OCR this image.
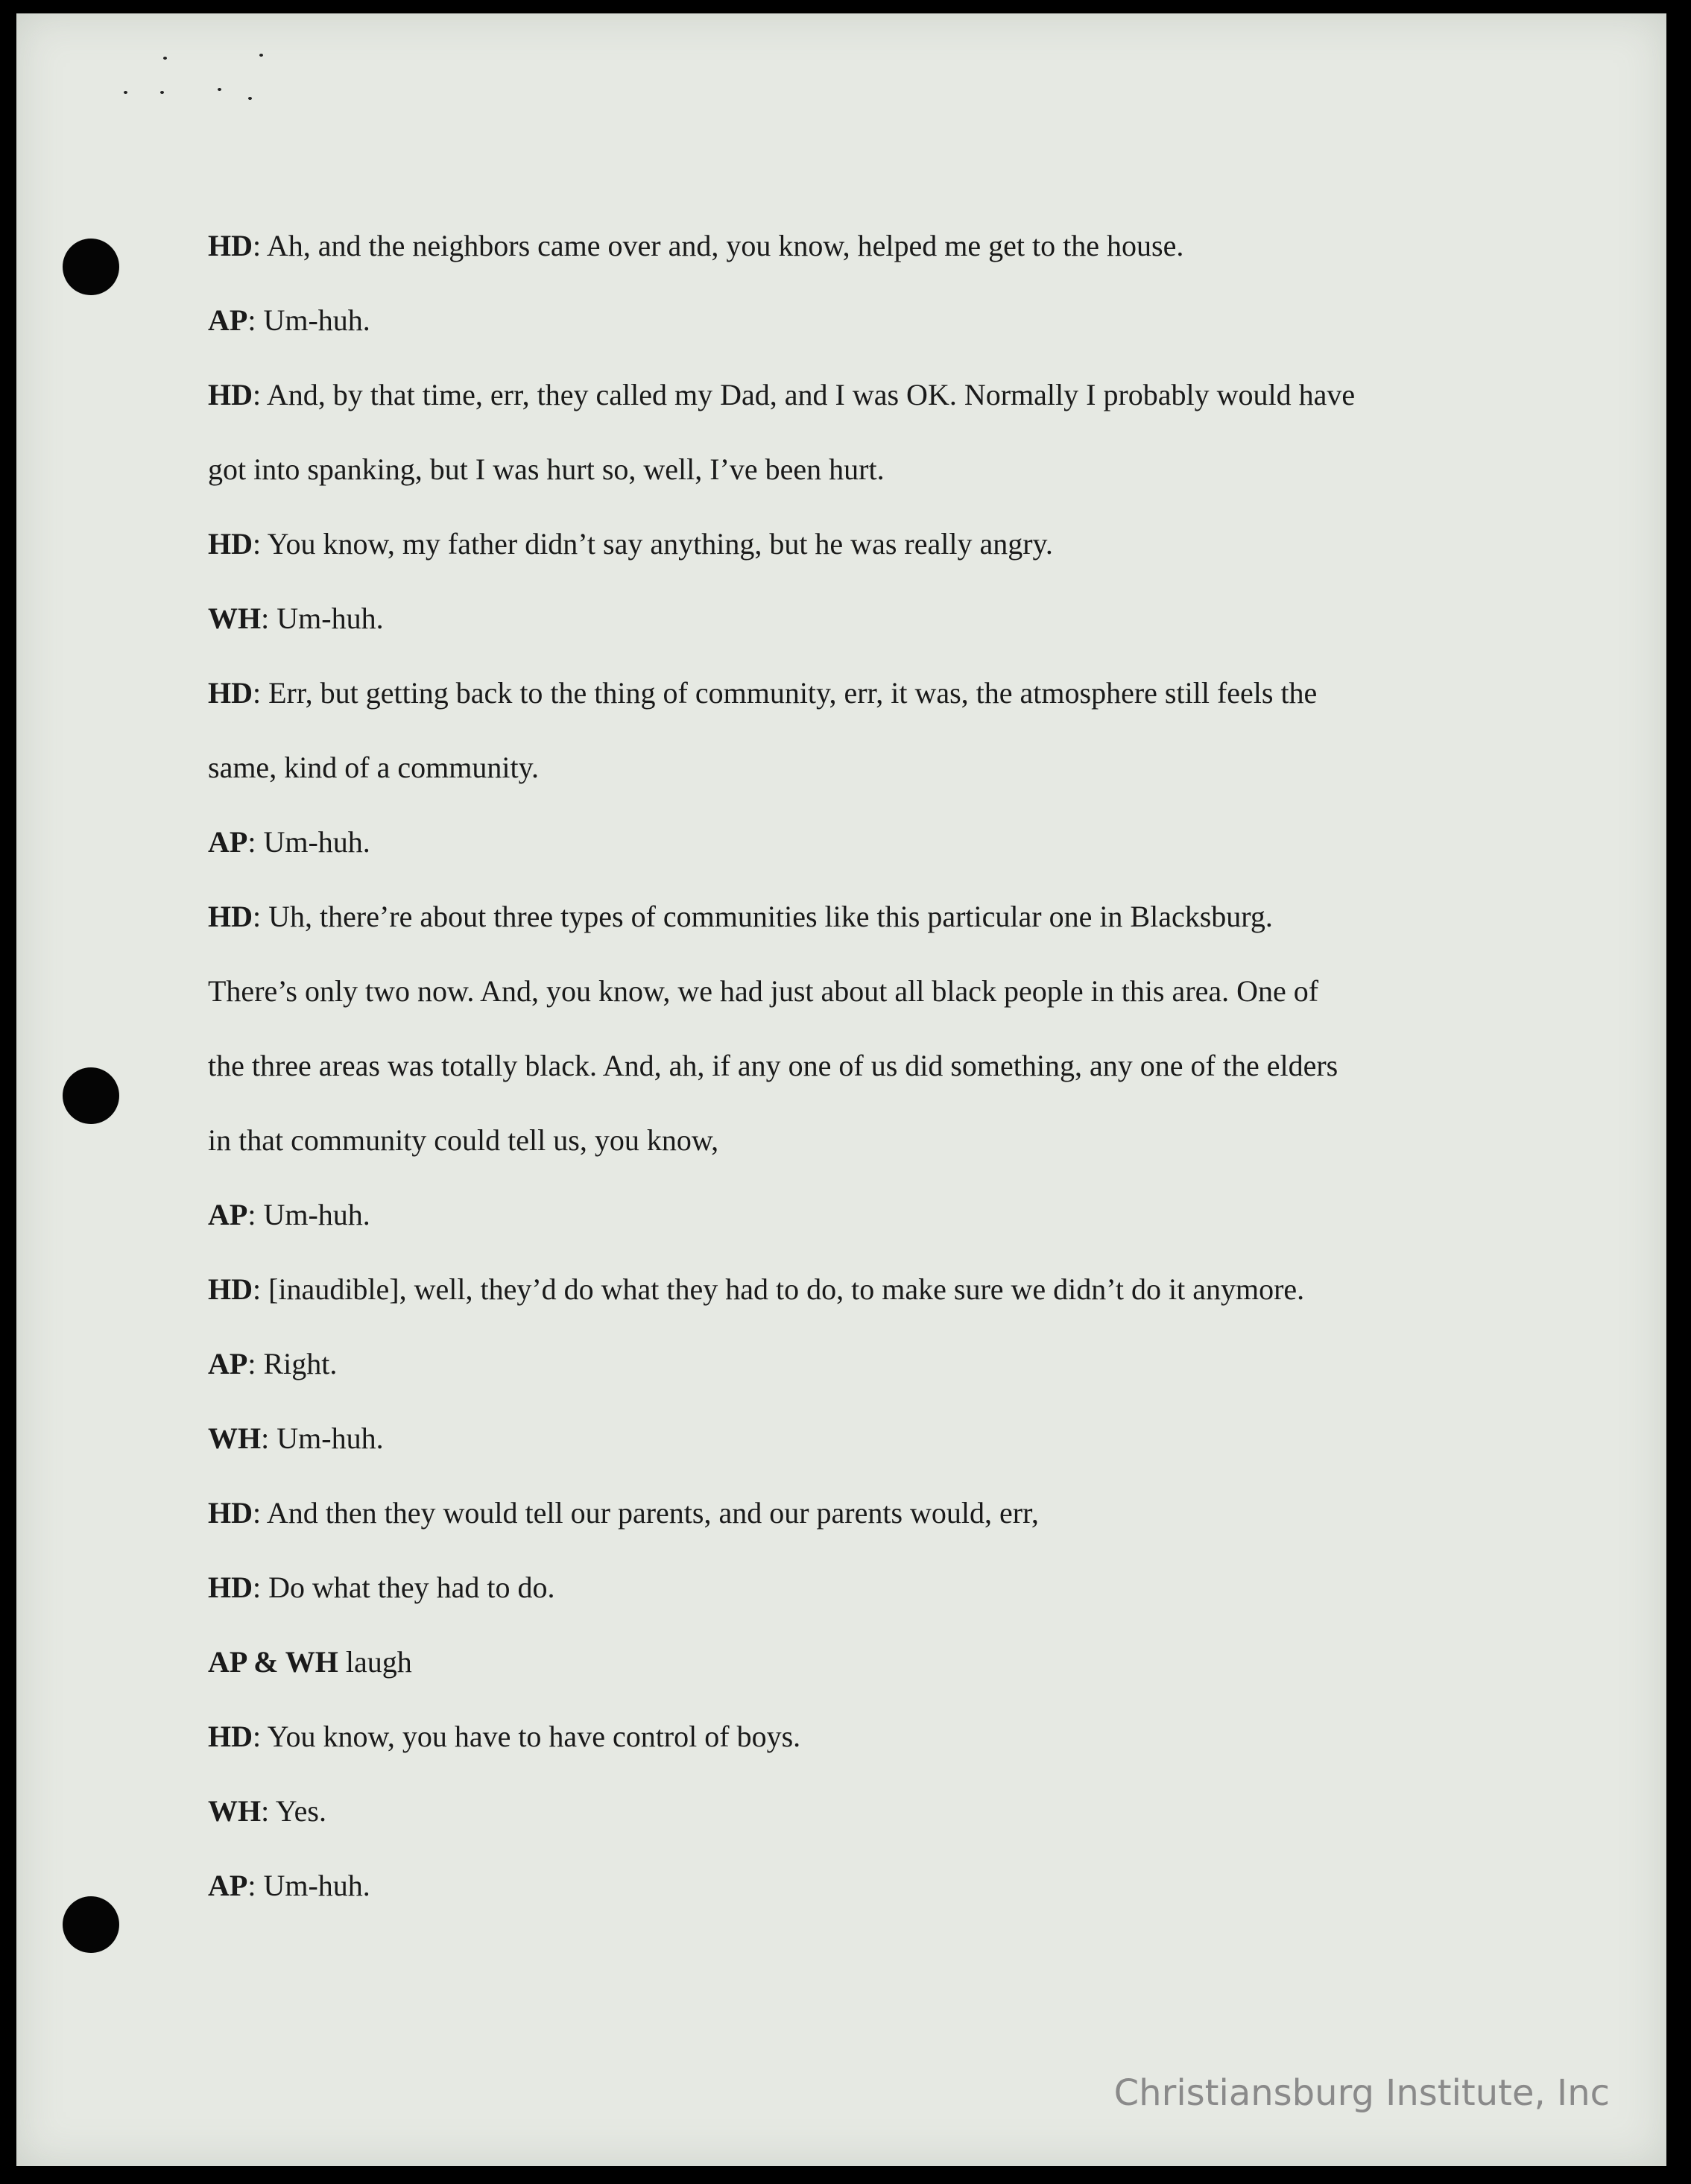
HD: Ah, and the neighbors came over and, you know, helped me get to the house.
AP: Um-huh.
HD: And, by that time, err, they called my Dad, and I was OK. Normally I probably would have
got into spanking, but I was hurt so, well, I’ve been hurt.
HD: You know, my father didn’t say anything, but he was really angry.
WH: Um-huh.
HD: Err, but getting back to the thing of community, err, it was, the atmosphere still feels the
same, kind of a community.
AP: Um-huh.
HD: Uh, there’re about three types of communities like this particular one in Blacksburg.
There’s only two now. And, you know, we had just about all black people in this area. One of
the three areas was totally black. And, ah, if any one of us did something, any one of the elders
in that community could tell us, you know,
AP: Um-huh.
HD: [inaudible], well, they’d do what they had to do, to make sure we didn’t do it anymore.
AP: Right.
WH: Um-huh.
HD: And then they would tell our parents, and our parents would, err,
HD: Do what they had to do.
AP & WH laugh
HD: You know, you have to have control of boys.
WH: Yes.
AP: Um-huh.
Christiansburg Institute, Inc
